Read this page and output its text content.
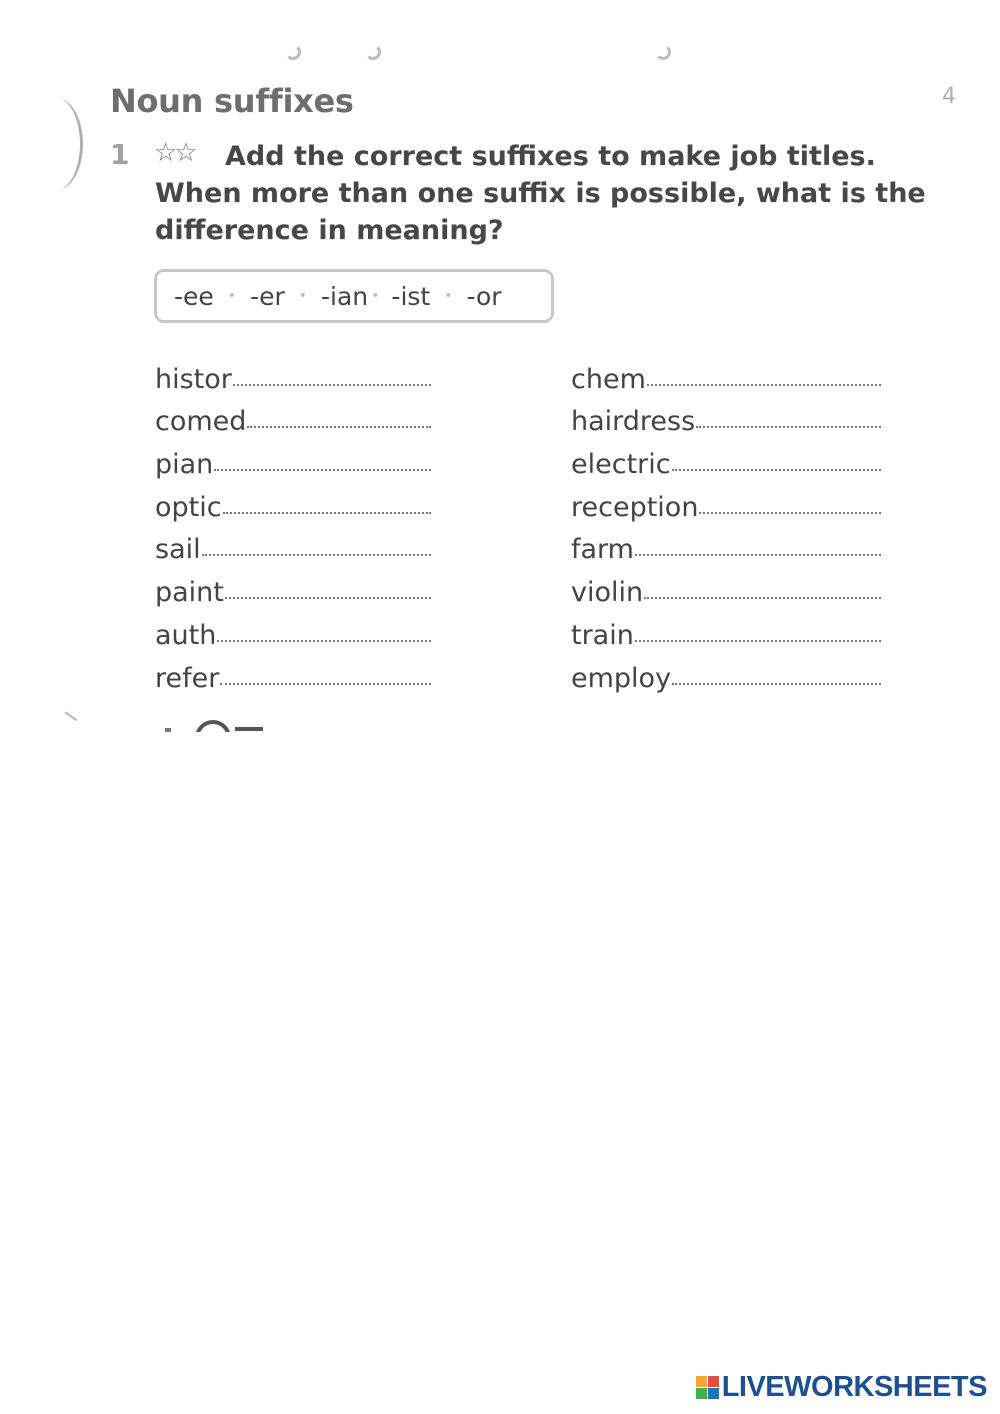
4
Noun suffixes
1 ☆☆	Add the correct suffixes to make job titles. When more than one suffix is possible, what is the difference in meaning?

-ee • -er • -ian • -ist • -or
histor
comed
pian
optic
sail
paint
auth
refer
chem
hairdress
electric
reception
farm
violin
train
employ
LIVEWORKSHEETS
